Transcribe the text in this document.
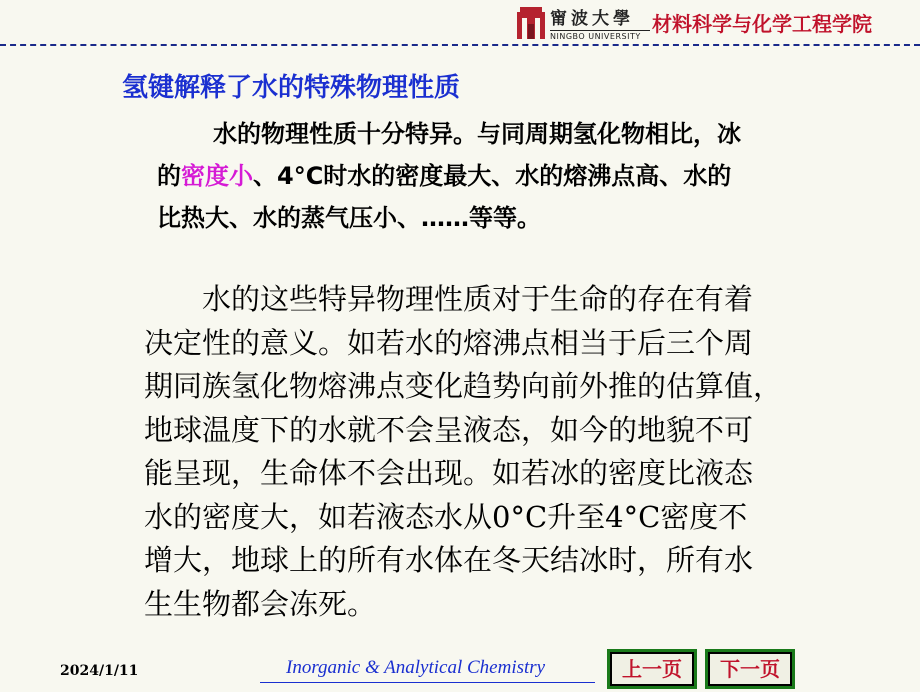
甯波大學
NINGBO UNIVERSITY
材料科学与化学工程学院
氢键解释了水的特殊物理性质
水的物理性质十分特异。与同周期氢化物相比，冰
的密度小、4°C时水的密度最大、水的熔沸点高、水的
比热大、水的蒸气压小、……等等。
　　水的这些特异物理性质对于生命的存在有着
决定性的意义。如若水的熔沸点相当于后三个周
期同族氢化物熔沸点变化趋势向前外推的估算值，
地球温度下的水就不会呈液态，如今的地貌不可
能呈现，生命体不会出现。如若冰的密度比液态
水的密度大，如若液态水从0°C升至4°C密度不
增大，地球上的所有水体在冬天结冰时，所有水
生生物都会冻死。
2024/1/11	Inorganic & Analytical Chemistry	上一页	下一页
